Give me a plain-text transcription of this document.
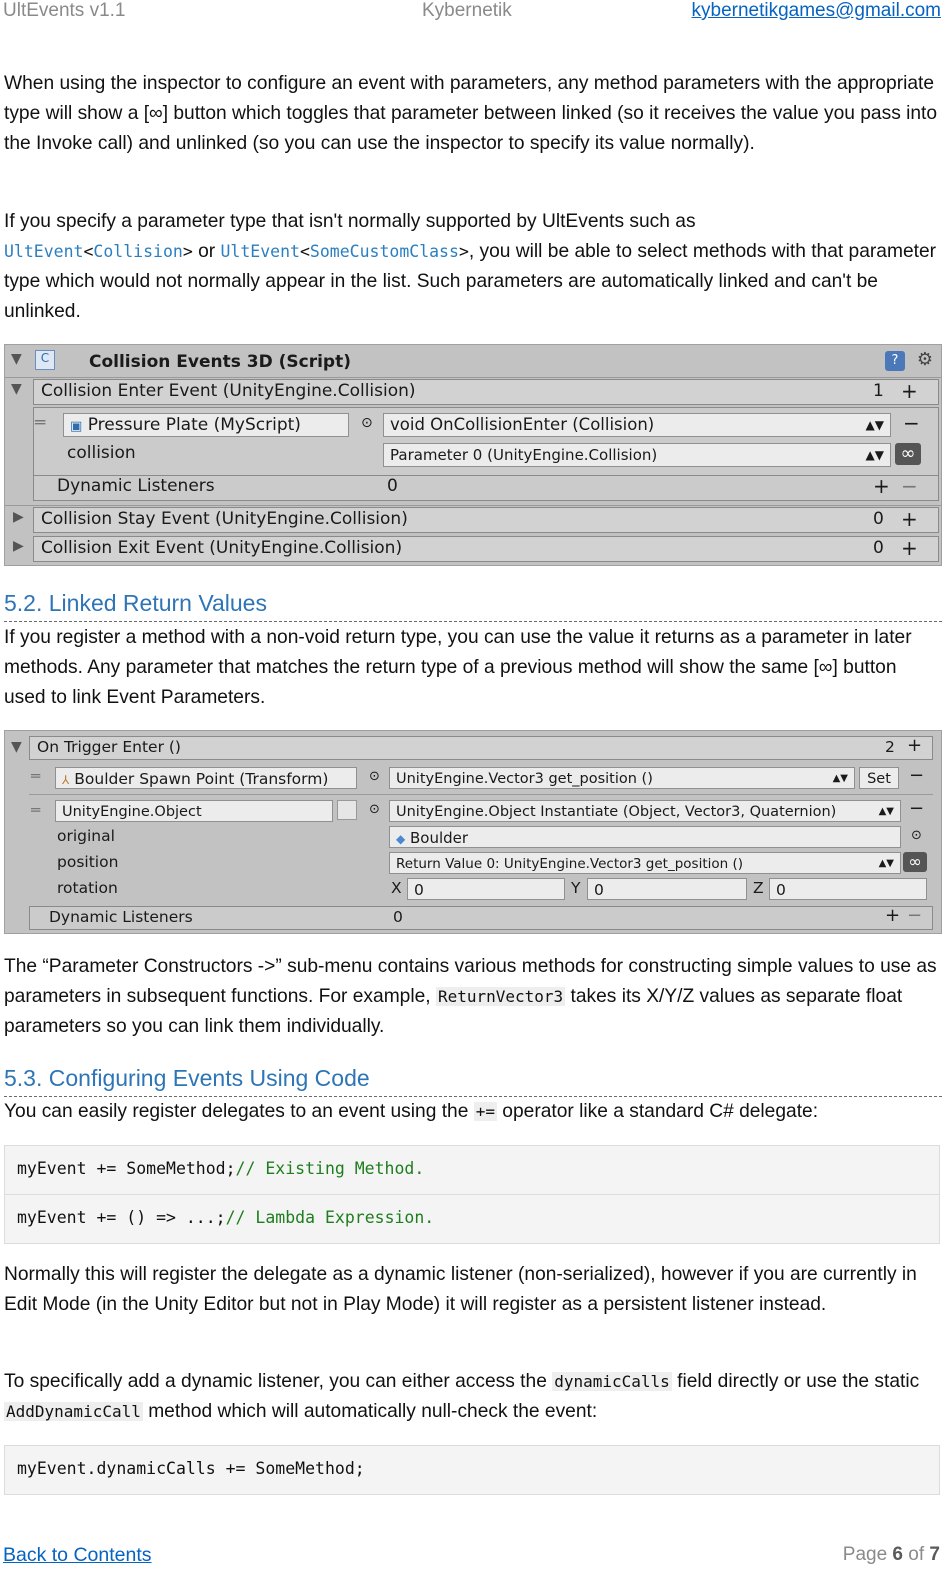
UltEvents v1.1	Kybernetik	kybernetikgames@gmail.com

When using the inspector to configure an event with parameters, any method parameters with the appropriate type will show a [∞] button which toggles that parameter between linked (so it receives the value you pass into the Invoke call) and unlinked (so you can use the inspector to specify its value normally).

If you specify a parameter type that isn't normally supported by UltEvents such as
UltEvent<Collision> or UltEvent<SomeCustomClass>, you will be able to select methods with that parameter type which would not normally appear in the list. Such parameters are automatically linked and can't be unlinked.

▼	C	Collision Events 3D (Script)	?	⚙
▼ Collision Enter Event (UnityEngine.Collision)	1 +
═	▣ Pressure Plate (MyScript)	⊙	void OnCollisionEnter (Collision)	▲▼ −
collision	Parameter 0 (UnityEngine.Collision)	▲▼ ∞
Dynamic Listeners	0	+ −
▶ Collision Stay Event (UnityEngine.Collision)	0 +
▶ Collision Exit Event (UnityEngine.Collision)	0 +
5.2. Linked Return Values

If you register a method with a non-void return type, you can use the value it returns as a parameter in later methods. Any parameter that matches the return type of a previous method will show the same [∞] button used to link Event Parameters.

▼ On Trigger Enter ()	2 +
═	⅄ Boulder Spawn Point (Transform)	⊙	UnityEngine.Vector3 get_position ()	▲▼	Set	−
═	UnityEngine.Object	⊙	UnityEngine.Object Instantiate (Object, Vector3, Quaternion)	▲▼ −
original	◆ Boulder	⊙
position	Return Value 0: UnityEngine.Vector3 get_position ()	▲▼ ∞
rotation	X 0	Y 0	Z 0
Dynamic Listeners	0	+ −

The “Parameter Constructors ->” sub-menu contains various methods for constructing simple values to use as parameters in subsequent functions. For example, ReturnVector3 takes its X/Y/Z values as separate float parameters so you can link them individually.

5.3. Configuring Events Using Code

You can easily register delegates to an event using the += operator like a standard C# delegate:

myEvent += SomeMethod;// Existing Method.
myEvent += () => ...;// Lambda Expression.

Normally this will register the delegate as a dynamic listener (non-serialized), however if you are currently in Edit Mode (in the Unity Editor but not in Play Mode) it will register as a persistent listener instead.

To specifically add a dynamic listener, you can either access the dynamicCalls field directly or use the static AddDynamicCall method which will automatically null-check the event:

myEvent.dynamicCalls += SomeMethod;
Back to Contents	Page 6 of 7
